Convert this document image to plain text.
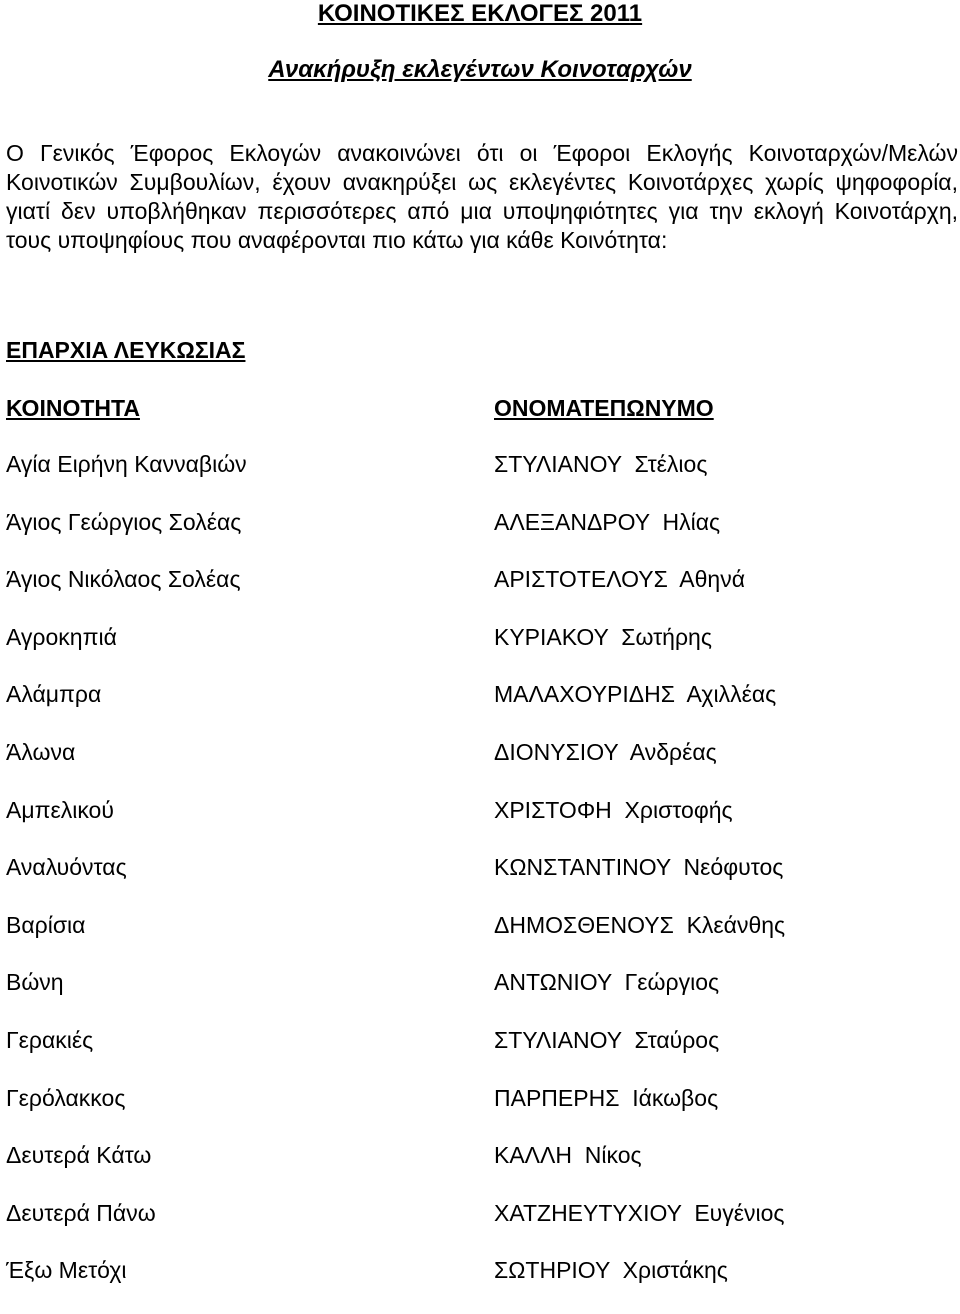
ΚΟΙΝΟΤΙΚΕΣ ΕΚΛΟΓΕΣ 2011
Ανακήρυξη εκλεγέντων Κοινοταρχών

Ο Γενικός Έφορος Εκλογών ανακοινώνει ότι οι Έφοροι Εκλογής Κοινοταρχών/Μελών Κοινοτικών Συμβουλίων, έχουν ανακηρύξει ως εκλεγέντες Κοινοτάρχες χωρίς ψηφοφορία, γιατί δεν υποβλήθηκαν περισσότερες από μια υποψηφιότητες για την εκλογή Κοινοτάρχη, τους υποψηφίους που αναφέρονται πιο κάτω για κάθε Κοινότητα:

ΕΠΑΡΧΙΑ ΛΕΥΚΩΣΙΑΣ
ΚΟΙΝΟΤΗΤΑ	ΟΝΟΜΑΤΕΠΩΝΥΜΟ
Αγία Ειρήνη Κανναβιών	ΣΤΥΛΙΑΝΟΥ  Στέλιος
Άγιος Γεώργιος Σολέας	ΑΛΕΞΑΝΔΡΟΥ  Ηλίας
Άγιος Νικόλαος Σολέας	ΑΡΙΣΤΟΤΕΛΟΥΣ  Αθηνά
Αγροκηπιά	ΚΥΡΙΑΚΟΥ  Σωτήρης
Αλάμπρα	ΜΑΛΑΧΟΥΡΙΔΗΣ  Αχιλλέας
Άλωνα	ΔΙΟΝΥΣΙΟΥ  Ανδρέας
Αμπελικού	ΧΡΙΣΤΟΦΗ  Χριστοφής
Αναλυόντας	ΚΩΝΣΤΑΝΤΙΝΟΥ  Νεόφυτος
Βαρίσια	ΔΗΜΟΣΘΕΝΟΥΣ  Κλεάνθης
Βώνη	ΑΝΤΩΝΙΟΥ  Γεώργιος
Γερακιές	ΣΤΥΛΙΑΝΟΥ  Σταύρος
Γερόλακκος	ΠΑΡΠΕΡΗΣ  Ιάκωβος
Δευτερά Κάτω	ΚΑΛΛΗ  Νίκος
Δευτερά Πάνω	ΧΑΤΖΗΕΥΤΥΧΙΟΥ  Ευγένιος
Έξω Μετόχι	ΣΩΤΗΡΙΟΥ  Χριστάκης
